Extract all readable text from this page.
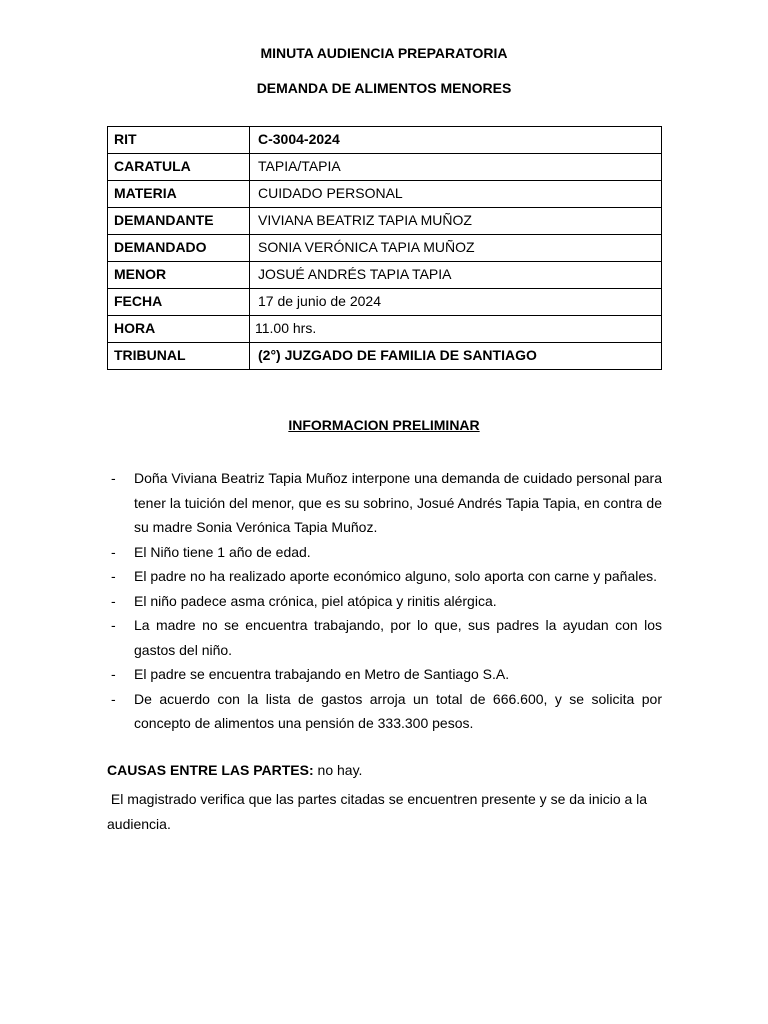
MINUTA AUDIENCIA PREPARATORIA
DEMANDA DE ALIMENTOS MENORES
RIT	C-3004-2024
CARATULA	TAPIA/TAPIA
MATERIA	CUIDADO PERSONAL
DEMANDANTE	VIVIANA BEATRIZ TAPIA MUÑOZ
DEMANDADO	SONIA VERÓNICA TAPIA MUÑOZ
MENOR	JOSUÉ ANDRÉS TAPIA TAPIA
FECHA	17 de junio de 2024
HORA	11.00 hrs.
TRIBUNAL	(2°) JUZGADO DE FAMILIA DE SANTIAGO
INFORMACION PRELIMINAR
- Doña Viviana Beatriz Tapia Muñoz interpone una demanda de cuidado personal para tener la tuición del menor, que es su sobrino, Josué Andrés Tapia Tapia, en contra de su madre Sonia Verónica Tapia Muñoz.
- El Niño tiene 1 año de edad.
- El padre no ha realizado aporte económico alguno, solo aporta con carne y pañales.
- El niño padece asma crónica, piel atópica y rinitis alérgica.
- La madre no se encuentra trabajando, por lo que, sus padres la ayudan con los gastos del niño.
- El padre se encuentra trabajando en Metro de Santiago S.A.
- De acuerdo con la lista de gastos arroja un total de 666.600, y se solicita por concepto de alimentos una pensión de 333.300 pesos.
CAUSAS ENTRE LAS PARTES: no hay.
El magistrado verifica que las partes citadas se encuentren presente y se da inicio a la audiencia.
